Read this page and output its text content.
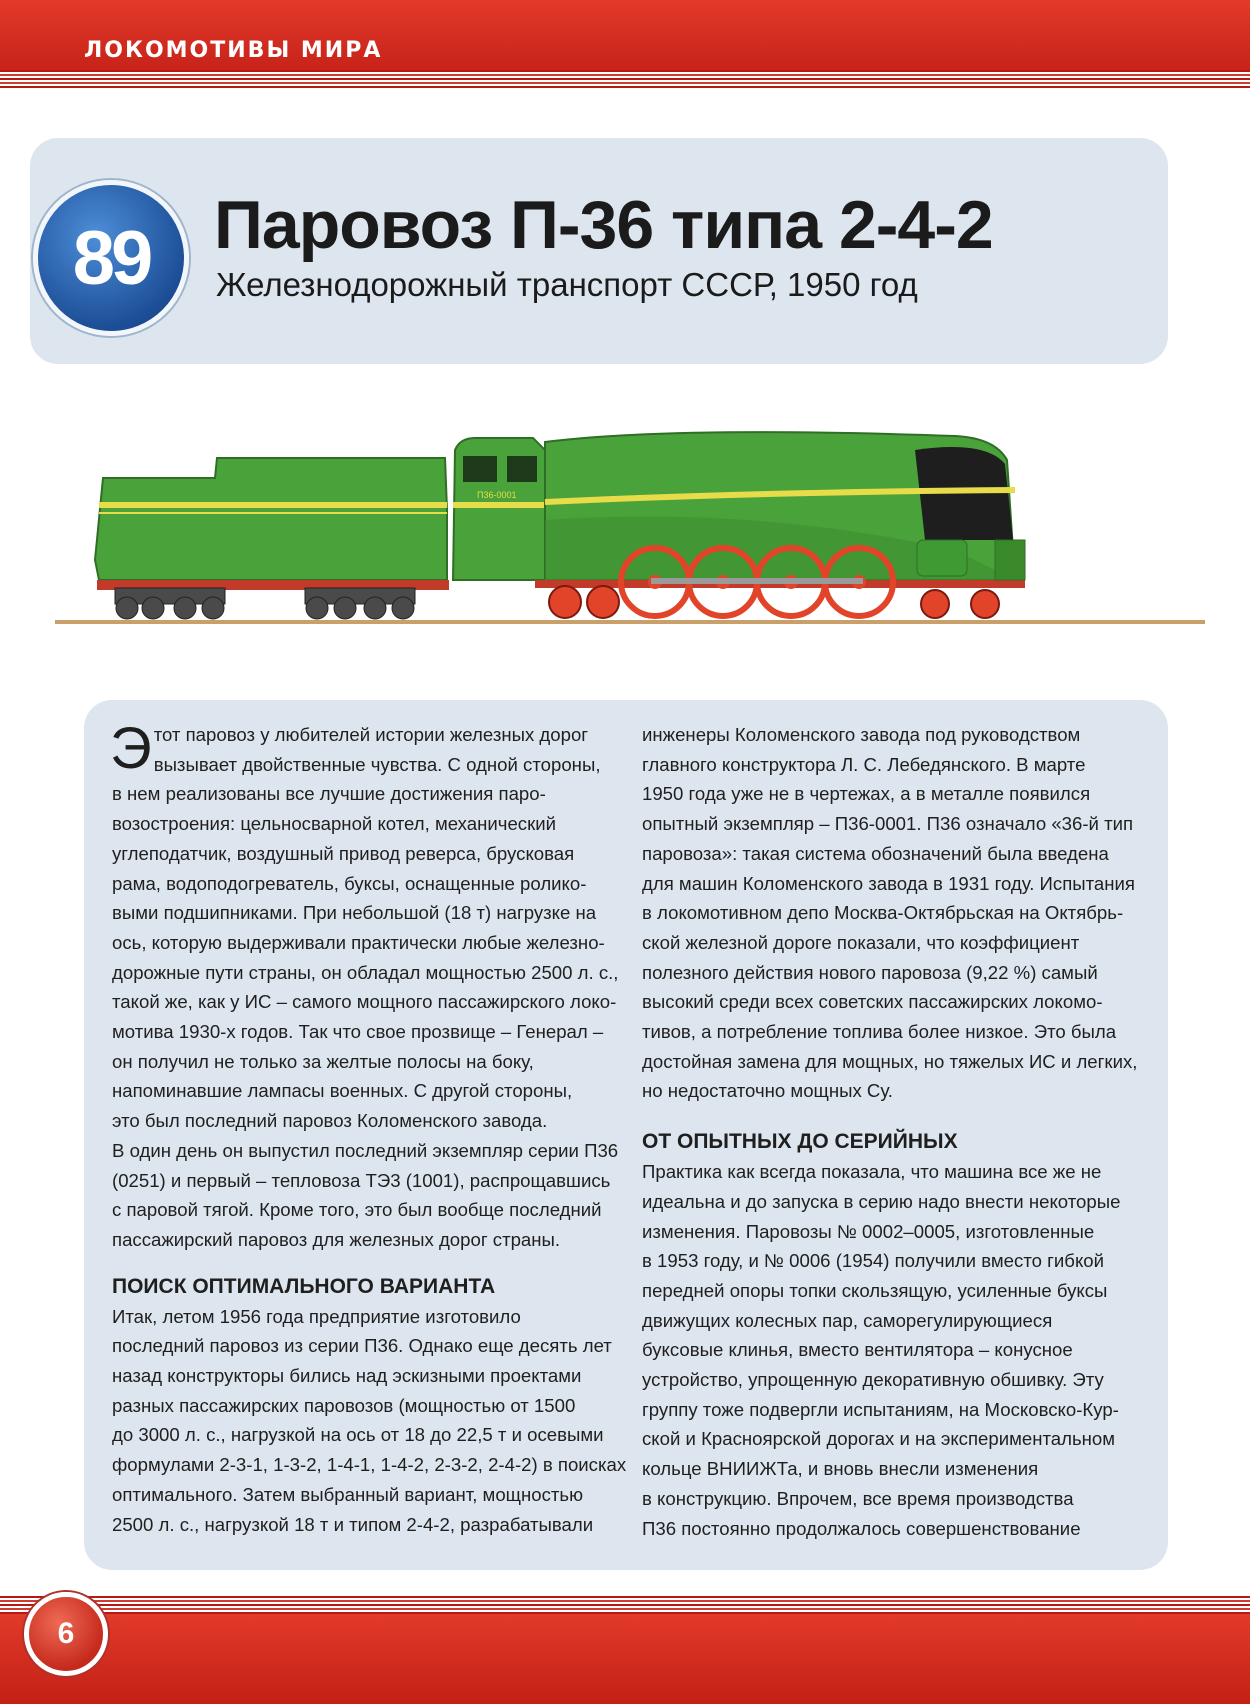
ЛОКОМОТИВЫ МИРА
89 Паровоз П-36 типа 2-4-2
Железнодорожный транспорт СССР, 1950 год
П36-0001

Э тот паровоз у любителей истории железных дорог
вызывает двойственные чувства. С одной стороны,
в нем реализованы все лучшие достижения паро-
возостроения: цельносварной котел, механический
углеподатчик, воздушный привод реверса, брусковая
рама, водоподогреватель, буксы, оснащенные ролико-
выми подшипниками. При небольшой (18 т) нагрузке на
ось, которую выдерживали практически любые железно-
дорожные пути страны, он обладал мощностью 2500 л. с.,
такой же, как у ИС – самого мощного пассажирского локо-
мотива 1930-х годов. Так что свое прозвище – Генерал –
он получил не только за желтые полосы на боку,
напоминавшие лампасы военных. С другой стороны,
это был последний паровоз Коломенского завода.
В один день он выпустил последний экземпляр серии П36
(0251) и первый – тепловоза ТЭ3 (1001), распрощавшись
с паровой тягой. Кроме того, это был вообще последний
пассажирский паровоз для железных дорог страны.

ПОИСК ОПТИМАЛЬНОГО ВАРИАНТА

Итак, летом 1956 года предприятие изготовило
последний паровоз из серии П36. Однако еще десять лет
назад конструкторы бились над эскизными проектами
разных пассажирских паровозов (мощностью от 1500
до 3000 л. с., нагрузкой на ось от 18 до 22,5 т и осевыми
формулами 2-3-1, 1-3-2, 1-4-1, 1-4-2, 2-3-2, 2-4-2) в поисках
оптимального. Затем выбранный вариант, мощностью
2500 л. с., нагрузкой 18 т и типом 2-4-2, разрабатывали

инженеры Коломенского завода под руководством
главного конструктора Л. С. Лебедянского. В марте
1950 года уже не в чертежах, а в металле появился
опытный экземпляр – П36-0001. П36 означало «36-й тип
паровоза»: такая система обозначений была введена
для машин Коломенского завода в 1931 году. Испытания
в локомотивном депо Москва-Октябрьская на Октябрь-
ской железной дороге показали, что коэффициент
полезного действия нового паровоза (9,22 %) самый
высокий среди всех советских пассажирских локомо-
тивов, а потребление топлива более низкое. Это была
достойная замена для мощных, но тяжелых ИС и легких,
но недостаточно мощных Су.

ОТ ОПЫТНЫХ ДО СЕРИЙНЫХ

Практика как всегда показала, что машина все же не
идеальна и до запуска в серию надо внести некоторые
изменения. Паровозы № 0002–0005, изготовленные
в 1953 году, и № 0006 (1954) получили вместо гибкой
передней опоры топки скользящую, усиленные буксы
движущих колесных пар, саморегулирующиеся
буксовые клинья, вместо вентилятора – конусное
устройство, упрощенную декоративную обшивку. Эту
группу тоже подвергли испытаниям, на Московско-Кур-
ской и Красноярской дорогах и на экспериментальном
кольце ВНИИЖТа, и вновь внесли изменения
в конструкцию. Впрочем, все время производства
П36 постоянно продолжалось совершенствование

6
